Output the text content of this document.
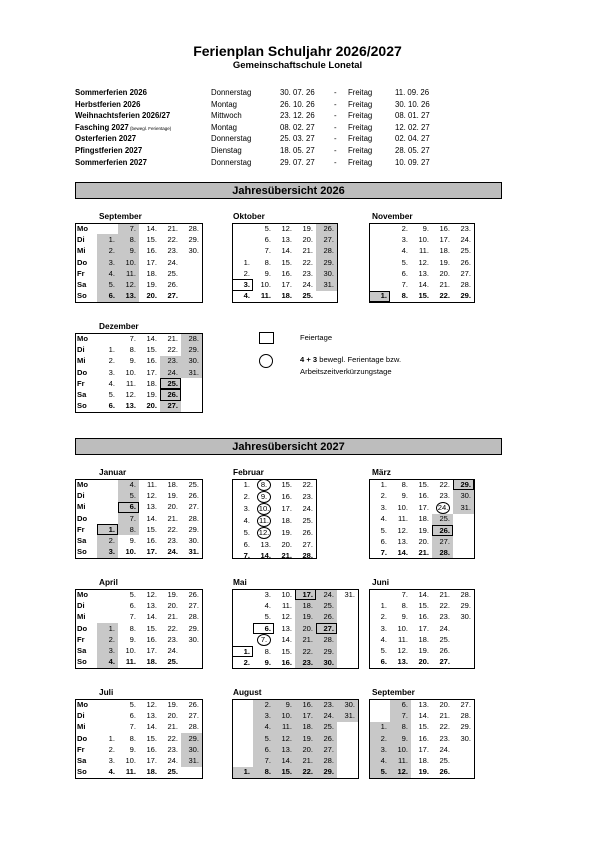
Ferienplan Schuljahr 2026/2027
Gemeinschaftschule Lonetal
Sommerferien 2026	Donnerstag	30. 07. 26 - Freitag	11. 09. 26
Herbstferien 2026	Montag	26. 10. 26 - Freitag	30. 10. 26
Weihnachtsferien 2026/27	Mittwoch	23. 12. 26 - Freitag	08. 01. 27
Fasching 2027 (bewegl. Ferientage)	Montag	08. 02. 27 - Freitag	12. 02. 27
Osterferien 2027	Donnerstag	25. 03. 27 - Freitag	02. 04. 27
Pfingstferien 2027	Dienstag	18. 05. 27 - Freitag	28. 05. 27
Sommerferien 2027	Donnerstag	29. 07. 27 - Freitag	10. 09. 27
Jahresübersicht 2026
Jahresübersicht 2027
September
Mo		7.	14.	21.	28.
Di	1.	8.	15.	22.	29.
Mi	2.	9.	16.	23.	30.
Do	3.	10.	17.	24.	
Fr	4.	11.	18.	25.	
Sa	5.	12.	19.	26.	
So	6.	13.	20.	27.	
Oktober
	5.	12.	19.	26.
	6.	13.	20.	27.
	7.	14.	21.	28.
1.	8.	15.	22.	29.
2.	9.	16.	23.	30.
3.	10.	17.	24.	31.
4.	11.	18.	25.	
November
	2.	9.	16.	23.
	3.	10.	17.	24.
	4.	11.	18.	25.
	5.	12.	19.	26.
	6.	13.	20.	27.
	7.	14.	21.	28.
1.	8.	15.	22.	29.
Dezember
Mo		7.	14.	21.	28.
Di	1.	8.	15.	22.	29.
Mi	2.	9.	16.	23.	30.
Do	3.	10.	17.	24.	31.
Fr	4.	11.	18.	25.	
Sa	5.	12.	19.	26.	
So	6.	13.	20.	27.	
Januar
Mo		4.	11.	18.	25.
Di		5.	12.	19.	26.
Mi		6.	13.	20.	27.
Do		7.	14.	21.	28.
Fr	1.	8.	15.	22.	29.
Sa	2.	9.	16.	23.	30.
So	3.	10.	17.	24.	31.
Februar
1.	8.	15.	22.
2.	9.	16.	23.
3.	10.	17.	24.
4.	11.	18.	25.
5.	12.	19.	26.
6.	13.	20.	27.
7.	14.	21.	28.
März
1.	8.	15.	22.	29.
2.	9.	16.	23.	30.
3.	10.	17.	24.	31.
4.	11.	18.	25.	
5.	12.	19.	26.	
6.	13.	20.	27.	
7.	14.	21.	28.	
April
Mo		5.	12.	19.	26.
Di		6.	13.	20.	27.
Mi		7.	14.	21.	28.
Do	1.	8.	15.	22.	29.
Fr	2.	9.	16.	23.	30.
Sa	3.	10.	17.	24.	
So	4.	11.	18.	25.	
Mai
	3.	10.	17.	24.	31.
	4.	11.	18.	25.	
	5.	12.	19.	26.	
	6.	13.	20.	27.	
	7.	14.	21.	28.	
1.	8.	15.	22.	29.	
2.	9.	16.	23.	30.	
Juni
	7.	14.	21.	28.
1.	8.	15.	22.	29.
2.	9.	16.	23.	30.
3.	10.	17.	24.	
4.	11.	18.	25.	
5.	12.	19.	26.	
6.	13.	20.	27.	
Juli
Mo		5.	12.	19.	26.
Di		6.	13.	20.	27.
Mi		7.	14.	21.	28.
Do	1.	8.	15.	22.	29.
Fr	2.	9.	16.	23.	30.
Sa	3.	10.	17.	24.	31.
So	4.	11.	18.	25.	
August
	2.	9.	16.	23.	30.
	3.	10.	17.	24.	31.
	4.	11.	18.	25.	
	5.	12.	19.	26.	
	6.	13.	20.	27.	
	7.	14.	21.	28.	
1.	8.	15.	22.	29.	
September
	6.	13.	20.	27.
	7.	14.	21.	28.
1.	8.	15.	22.	29.
2.	9.	16.	23.	30.
3.	10.	17.	24.	
4.	11.	18.	25.	
5.	12.	19.	26.	
Feiertage
4 + 3 bewegl. Ferientage bzw.
Arbeitszeitverkürzungstage
